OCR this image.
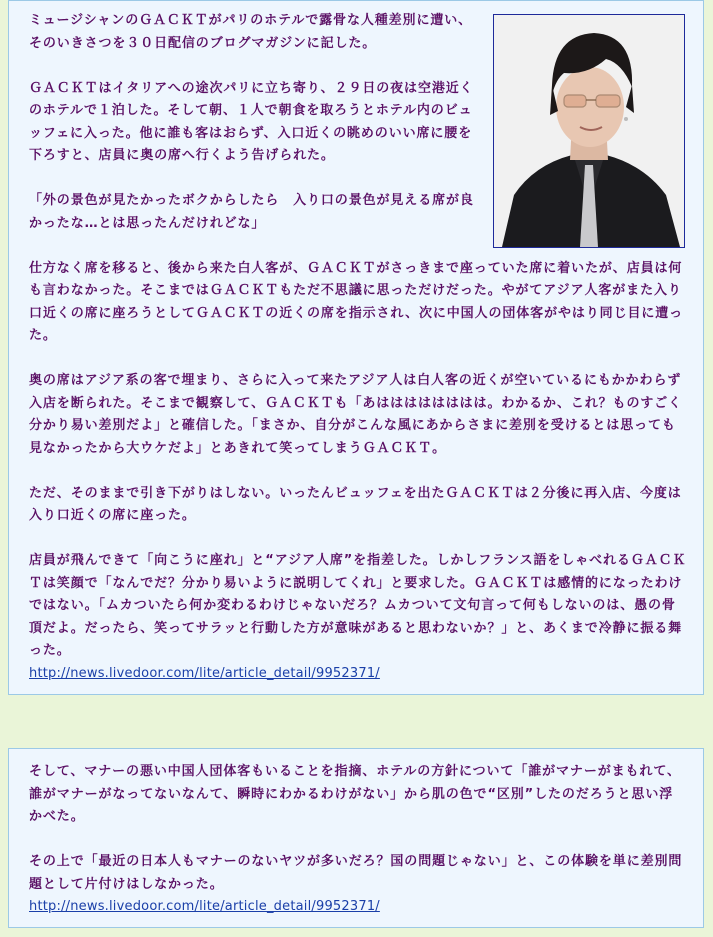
ミュージシャンのＧＡＣＫＴがパリのホテルで露骨な人種差別に遭い、そのいきさつを３０日配信のブログマガジンに記した。

ＧＡＣＫＴはイタリアへの途次パリに立ち寄り、２９日の夜は空港近くのホテルで１泊した。そして朝、１人で朝食を取ろうとホテル内のビュッフェに入った。他に誰も客はおらず、入口近くの眺めのいい席に腰を下ろすと、店員に奥の席へ行くよう告げられた。

「外の景色が見たかったボクからしたら　入り口の景色が見える席が良かったな…とは思ったんだけれどな」

仕方なく席を移ると、後から来た白人客が、ＧＡＣＫＴがさっきまで座っていた席に着いたが、店員は何も言わなかった。そこまではＧＡＣＫＴもただ不思議に思っただけだった。やがてアジア人客がまた入り口近くの席に座ろうとしてＧＡＣＫＴの近くの席を指示され、次に中国人の団体客がやはり同じ目に遭った。

奥の席はアジア系の客で埋まり、さらに入って来たアジア人は白人客の近くが空いているにもかかわらず入店を断られた。そこまで観察して、ＧＡＣＫＴも「あはははははははは。わかるか、これ？ものすごく分かり易い差別だよ」と確信した。「まさか、自分がこんな風にあからさまに差別を受けるとは思っても見なかったから大ウケだよ」とあきれて笑ってしまうＧＡＣＫＴ。

ただ、そのままで引き下がりはしない。いったんビュッフェを出たＧＡＣＫＴは２分後に再入店、今度は入り口近くの席に座った。

店員が飛んできて「向こうに座れ」と“アジア人席”を指差した。しかしフランス語をしゃべれるＧＡＣＫＴは笑顔で「なんでだ？分かり易いように説明してくれ」と要求した。ＧＡＣＫＴは感情的になったわけではない。「ムカついたら何か変わるわけじゃないだろ？ムカついて文句言って何もしないのは、愚の骨頂だよ。だったら、笑ってサラッと行動した方が意味があると思わないか？」と、あくまで冷静に振る舞った。

http://news.livedoor.com/lite/article_detail/9952371/

そして、マナーの悪い中国人団体客もいることを指摘、ホテルの方針について「誰がマナーがまもれて、誰がマナーがなってないなんて、瞬時にわかるわけがない」から肌の色で“区別”したのだろうと思い浮かべた。

その上で「最近の日本人もマナーのないヤツが多いだろ？国の問題じゃない」と、この体験を単に差別問題として片付けはしなかった。

http://news.livedoor.com/lite/article_detail/9952371/
